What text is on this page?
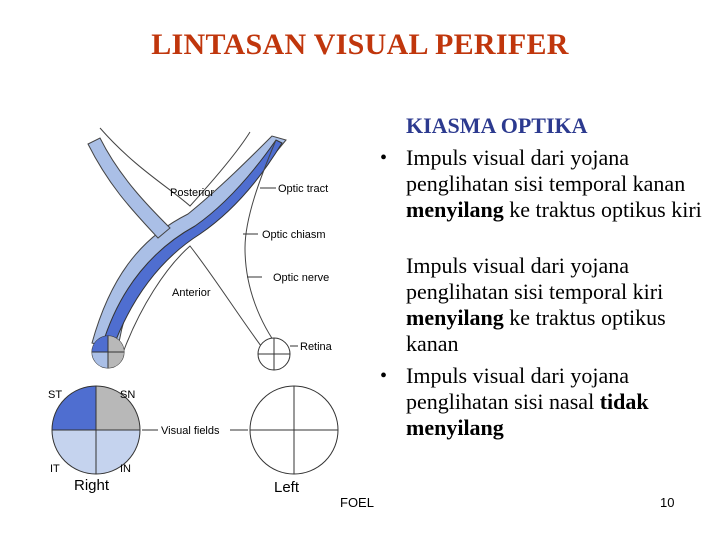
LINTASAN VISUAL PERIFER
Posterior
Anterior
Optic tract
Optic chiasm
Optic nerve
Retina
Visual fields
ST	SN
IT	IN
Right	Left
KIASMA OPTIKA
• Impuls visual dari yojana penglihatan sisi temporal kanan menyilang ke traktus optikus kiri
Impuls visual dari yojana penglihatan sisi temporal kiri menyilang ke traktus optikus kanan
• Impuls visual dari yojana penglihatan sisi nasal tidak menyilang
FOEL	10
